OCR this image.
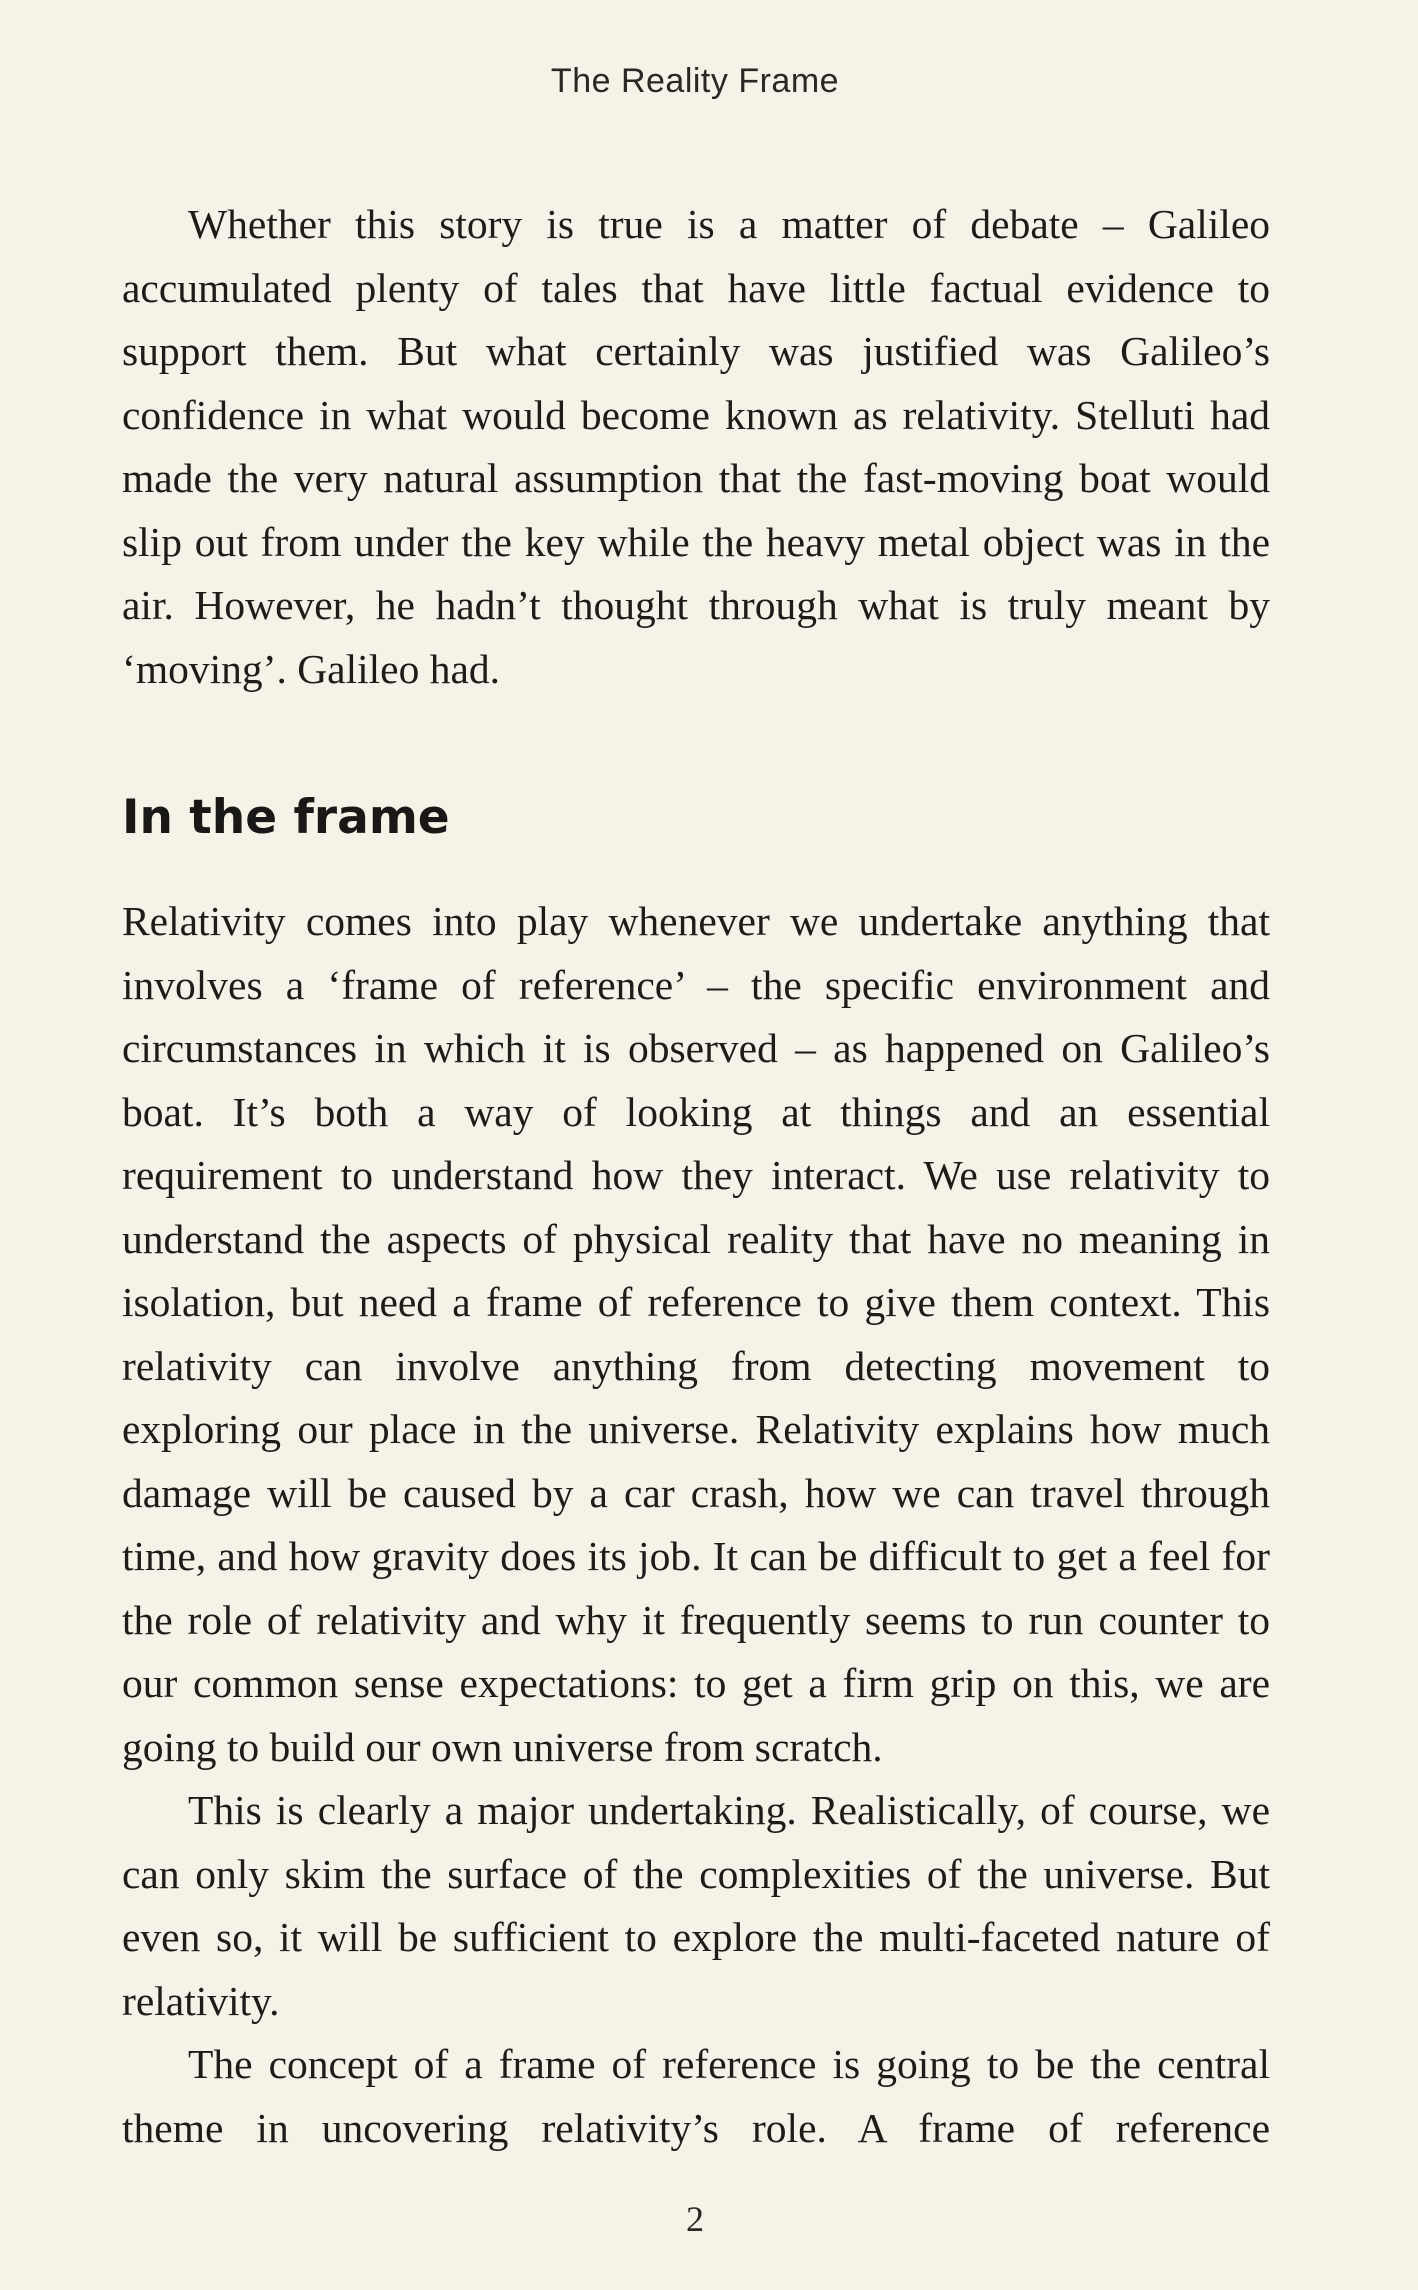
The Reality Frame

Whether this story is true is a matter of debate – Galileo accumulated plenty of tales that have little factual evidence to support them. But what certainly was justified was Galileo’s confidence in what would become known as relativity. Stelluti had made the very natural assumption that the fast-moving boat would slip out from under the key while the heavy metal object was in the air. However, he hadn’t thought through what is truly meant by ‘moving’. Galileo had.

In the frame

Relativity comes into play whenever we undertake anything that involves a ‘frame of reference’ – the specific environment and circumstances in which it is observed – as happened on Galileo’s boat. It’s both a way of looking at things and an essential requirement to understand how they interact. We use relativity to understand the aspects of physical reality that have no meaning in isolation, but need a frame of reference to give them context. This relativity can involve anything from detecting movement to exploring our place in the universe. Relativity explains how much damage will be caused by a car crash, how we can travel through time, and how gravity does its job. It can be difficult to get a feel for the role of relativity and why it frequently seems to run counter to our common sense expectations: to get a firm grip on this, we are going to build our own universe from scratch.

This is clearly a major undertaking. Realistically, of course, we can only skim the surface of the complexities of the universe. But even so, it will be sufficient to explore the multi-faceted nature of relativity.

The concept of a frame of reference is going to be the central theme in uncovering relativity’s role. A frame of reference

2
